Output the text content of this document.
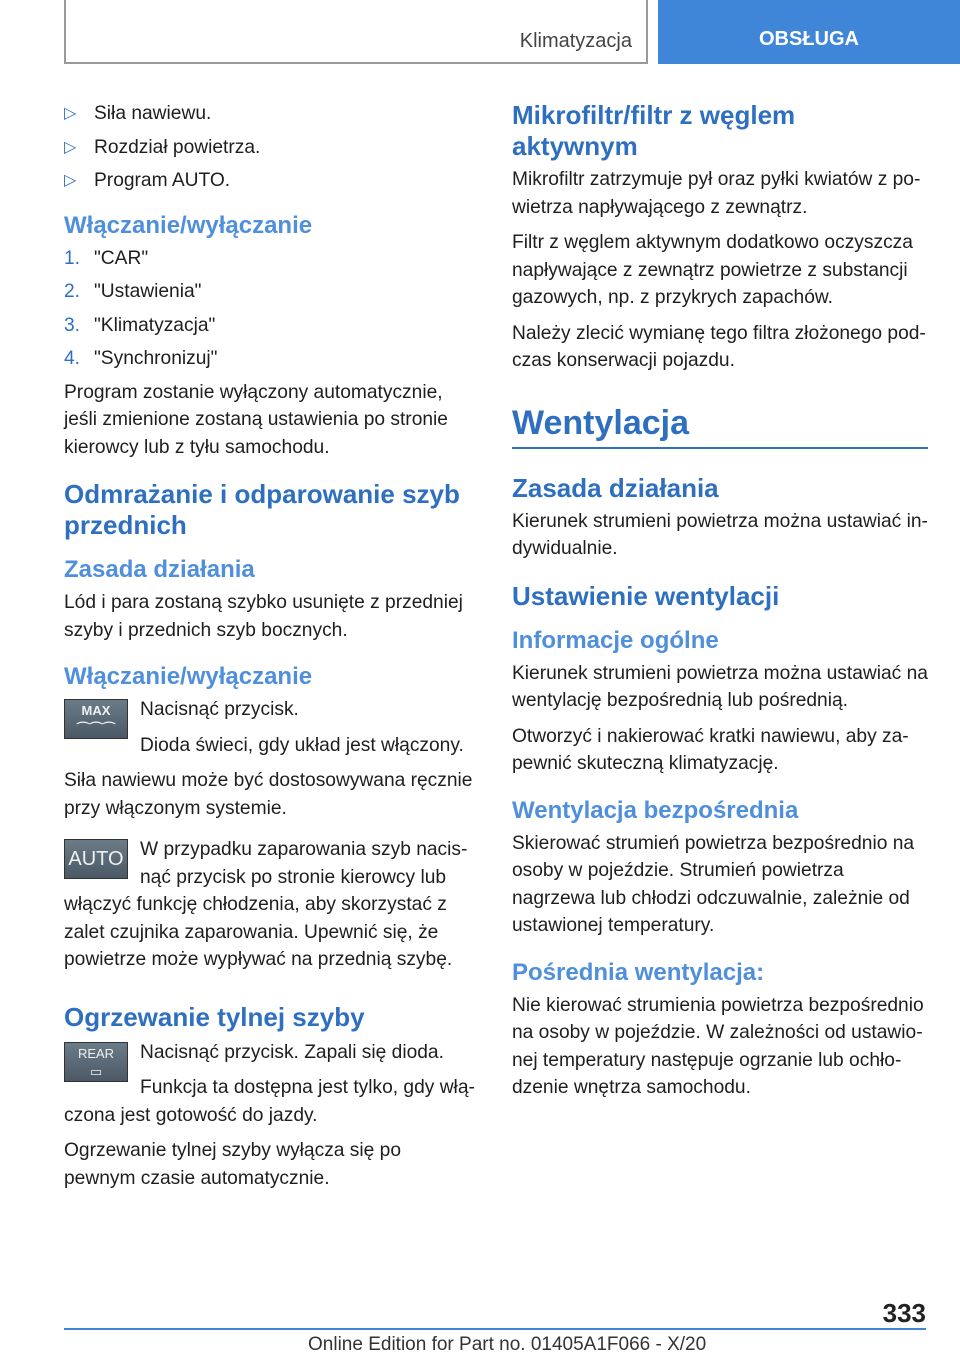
Klimatyzacja	OBSŁUGA
▷ Siła nawiewu.
▷ Rozdział powietrza.
▷ Program AUTO.
Włączanie/wyłączanie
1. "CAR"
2. "Ustawienia"
3. "Klimatyzacja"
4. "Synchronizuj"

Program zostanie wyłączony automatycznie, jeśli zmienione zostaną ustawienia po stronie kierowcy lub z tyłu samochodu.

Odmrażanie i odparowanie szyb przednich
Zasada działania

Lód i para zostaną szybko usunięte z przedniej szyby i przednich szyb bocznych.

Włączanie/wyłączanie
MAX
⌒⌒⌒

Nacisnąć przycisk.

Dioda świeci, gdy układ jest włączony.

Siła nawiewu może być dostosowywana ręcznie przy włączonym systemie.

AUTO W przypadku zaparowania szyb nacisnąć przycisk po stronie kierowcy lub włączyć funkcję chłodzenia, aby skorzystać z zalet czujnika zaparowania. Upewnić się, że powietrze może wypływać na przednią szybę.

Ogrzewanie tylnej szyby
REAR
▭

Nacisnąć przycisk. Zapali się dioda.

Funkcja ta dostępna jest tylko, gdy włączona jest gotowość do jazdy.

Ogrzewanie tylnej szyby wyłącza się po pewnym czasie automatycznie.

Mikrofiltr/filtr z węglem aktywnym

Mikrofiltr zatrzymuje pył oraz pyłki kwiatów z powietrza napływającego z zewnątrz.

Filtr z węglem aktywnym dodatkowo oczyszcza napływające z zewnątrz powietrze z substancji gazowych, np. z przykrych zapachów.

Należy zlecić wymianę tego filtra złożonego podczas konserwacji pojazdu.

Wentylacja
Zasada działania

Kierunek strumieni powietrza można ustawiać indywidualnie.

Ustawienie wentylacji
Informacje ogólne

Kierunek strumieni powietrza można ustawiać na wentylację bezpośrednią lub pośrednią.

Otworzyć i nakierować kratki nawiewu, aby zapewnić skuteczną klimatyzację.

Wentylacja bezpośrednia

Skierować strumień powietrza bezpośrednio na osoby w pojeździe. Strumień powietrza nagrzewa lub chłodzi odczuwalnie, zależnie od ustawionej temperatury.

Pośrednia wentylacja:

Nie kierować strumienia powietrza bezpośrednio na osoby w pojeździe. W zależności od ustawionej temperatury następuje ogrzanie lub ochłodzenie wnętrza samochodu.

333
Online Edition for Part no. 01405A1F066 - X/20
